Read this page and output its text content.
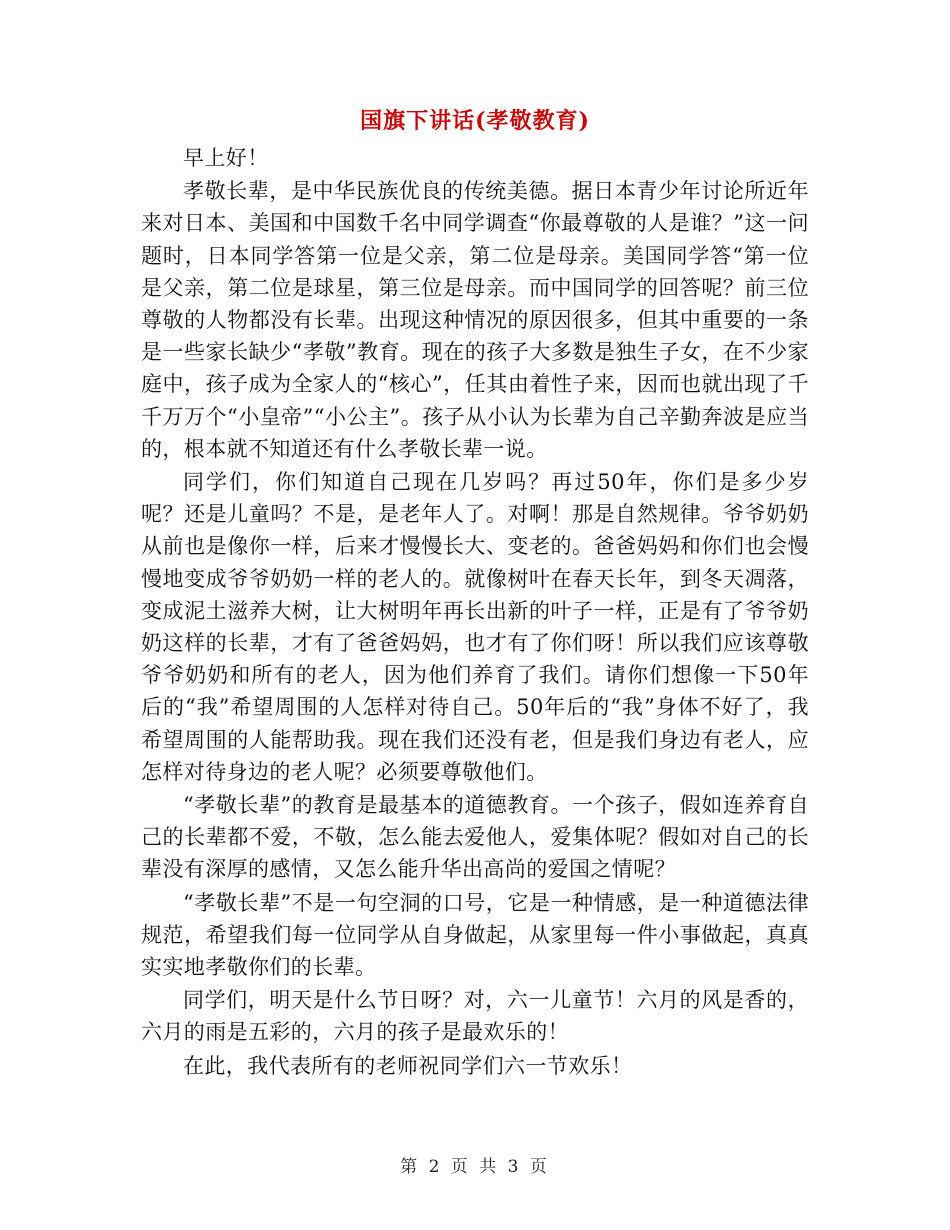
国旗下讲话(孝敬教育)

早上好！

孝敬长辈，是中华民族优良的传统美德。据日本青少年讨论所近年来对日本、美国和中国数千名中同学调查“你最尊敬的人是谁？”这一问题时，日本同学答第一位是父亲，第二位是母亲。美国同学答“第一位是父亲，第二位是球星，第三位是母亲。而中国同学的回答呢？前三位尊敬的人物都没有长辈。出现这种情况的原因很多，但其中重要的一条是一些家长缺少“孝敬”教育。现在的孩子大多数是独生子女，在不少家庭中，孩子成为全家人的“核心”，任其由着性子来，因而也就出现了千千万万个“小皇帝”“小公主”。孩子从小认为长辈为自己辛勤奔波是应当的，根本就不知道还有什么孝敬长辈一说。

同学们，你们知道自己现在几岁吗？再过50年，你们是多少岁呢？还是儿童吗？不是，是老年人了。对啊！那是自然规律。爷爷奶奶从前也是像你一样，后来才慢慢长大、变老的。爸爸妈妈和你们也会慢慢地变成爷爷奶奶一样的老人的。就像树叶在春天长年，到冬天凋落，变成泥土滋养大树，让大树明年再长出新的叶子一样，正是有了爷爷奶奶这样的长辈，才有了爸爸妈妈，也才有了你们呀！所以我们应该尊敬爷爷奶奶和所有的老人，因为他们养育了我们。请你们想像一下50年后的“我”希望周围的人怎样对待自己。50年后的“我”身体不好了，我希望周围的人能帮助我。现在我们还没有老，但是我们身边有老人，应怎样对待身边的老人呢？必须要尊敬他们。

“孝敬长辈”的教育是最基本的道德教育。一个孩子，假如连养育自己的长辈都不爱，不敬，怎么能去爱他人，爱集体呢？假如对自己的长辈没有深厚的感情，又怎么能升华出高尚的爱国之情呢？

“孝敬长辈”不是一句空洞的口号，它是一种情感，是一种道德法律规范，希望我们每一位同学从自身做起，从家里每一件小事做起，真真实实地孝敬你们的长辈。

同学们，明天是什么节日呀？对，六一儿童节！六月的风是香的，六月的雨是五彩的，六月的孩子是最欢乐的！

在此，我代表所有的老师祝同学们六一节欢乐！

第 2 页 共 3 页
